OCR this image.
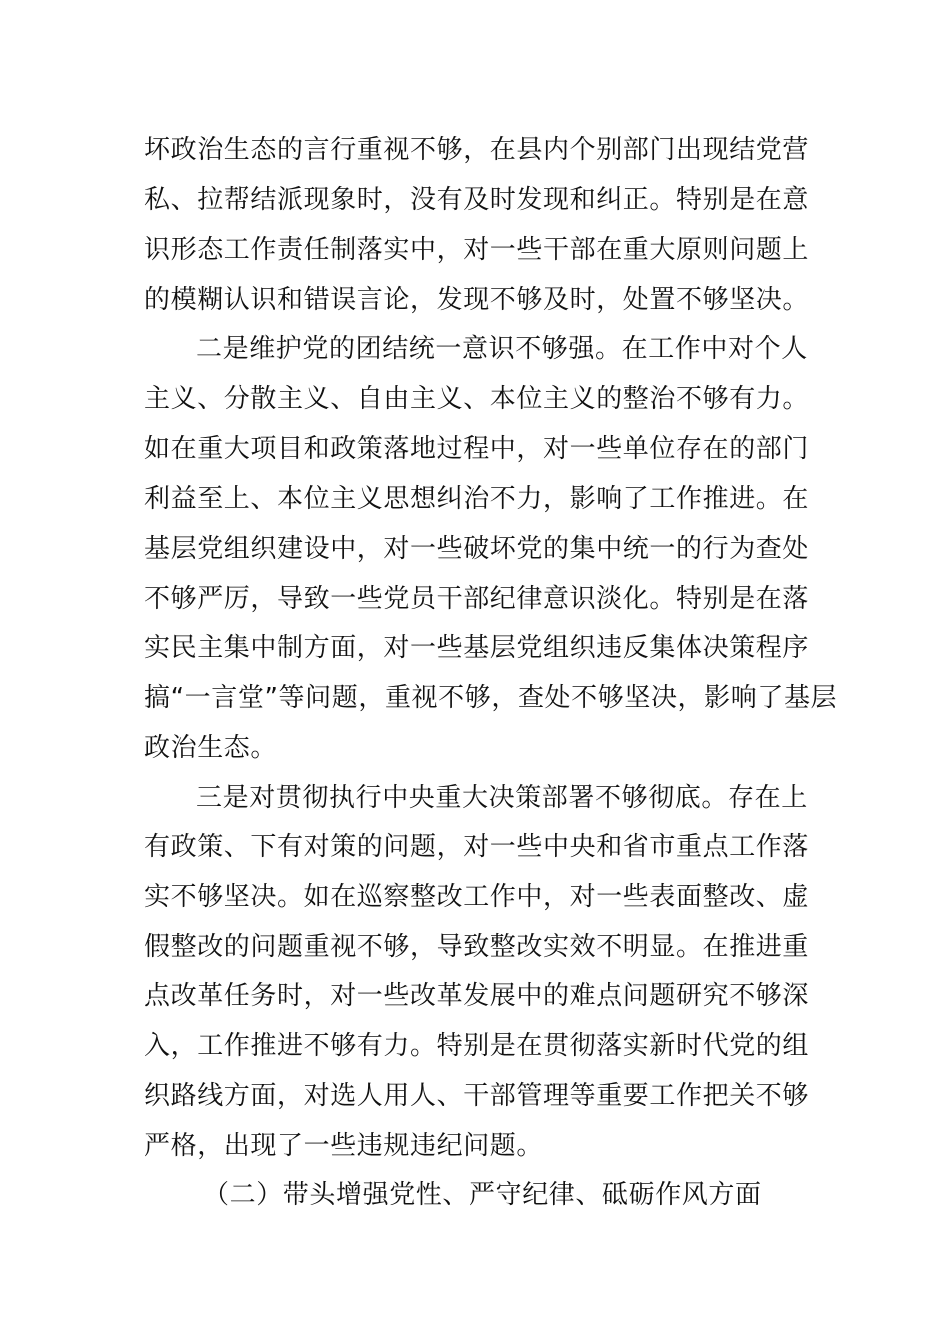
坏政治生态的言行重视不够，在县内个别部门出现结党营
私、拉帮结派现象时，没有及时发现和纠正。特别是在意
识形态工作责任制落实中，对一些干部在重大原则问题上
的模糊认识和错误言论，发现不够及时，处置不够坚决。
二是维护党的团结统一意识不够强。在工作中对个人
主义、分散主义、自由主义、本位主义的整治不够有力。
如在重大项目和政策落地过程中，对一些单位存在的部门
利益至上、本位主义思想纠治不力，影响了工作推进。在
基层党组织建设中，对一些破坏党的集中统一的行为查处
不够严厉，导致一些党员干部纪律意识淡化。特别是在落
实民主集中制方面，对一些基层党组织违反集体决策程序
搞“一言堂”等问题，重视不够，查处不够坚决，影响了基层
政治生态。
三是对贯彻执行中央重大决策部署不够彻底。存在上
有政策、下有对策的问题，对一些中央和省市重点工作落
实不够坚决。如在巡察整改工作中，对一些表面整改、虚
假整改的问题重视不够，导致整改实效不明显。在推进重
点改革任务时，对一些改革发展中的难点问题研究不够深
入，工作推进不够有力。特别是在贯彻落实新时代党的组
织路线方面，对选人用人、干部管理等重要工作把关不够
严格，出现了一些违规违纪问题。
（二）带头增强党性、严守纪律、砥砺作风方面
